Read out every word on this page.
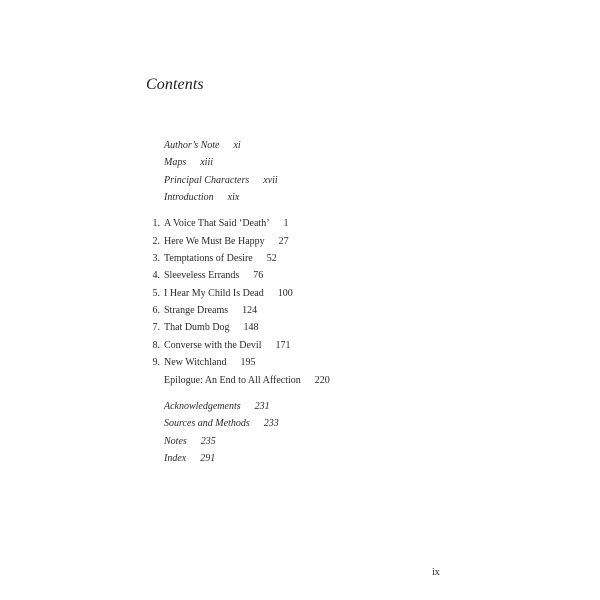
Contents
Author’s Note xi
Maps xiii
Principal Characters xvii
Introduction xix
1. A Voice That Said ‘Death’ 1
2. Here We Must Be Happy 27
3. Temptations of Desire 52
4. Sleeveless Errands 76
5. I Hear My Child Is Dead 100
6. Strange Dreams 124
7. That Dumb Dog 148
8. Converse with the Devil 171
9. New Witchland 195
Epilogue: An End to All Affection 220
Acknowledgements 231
Sources and Methods 233
Notes 235
Index 291
ix
